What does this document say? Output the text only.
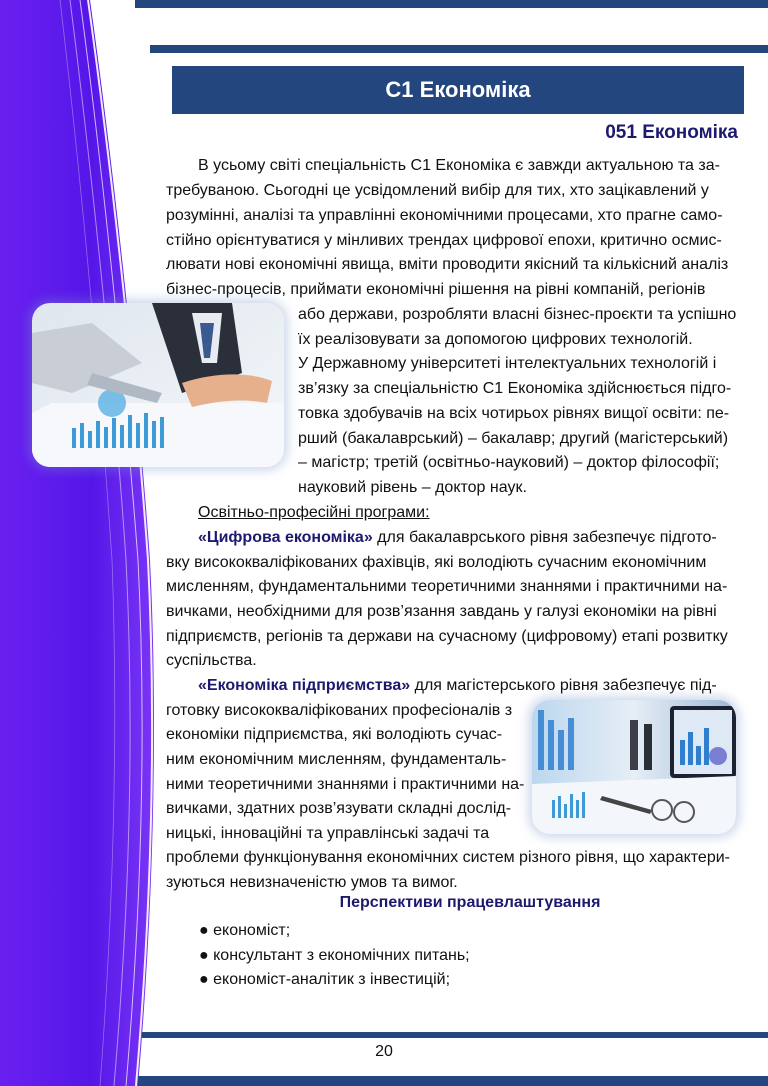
С1 Економіка
051 Економіка

В усьому світі спеціальність С1 Економіка є завжди актуальною та за-

требуваною. Сьогодні це усвідомлений вибір для тих, хто зацікавлений у

розумінні, аналізі та управлінні економічними процесами, хто прагне само-

стійно орієнтуватися у мінливих трендах цифрової епохи, критично осмис-

лювати нові економічні явища, вміти проводити якісний та кількісний аналіз

бізнес-процесів, приймати економічні рішення на рівні компаній, регіонів

або держави, розробляти власні бізнес-проєкти та успішно

їх реалізовувати за допомогою цифрових технологій.

У Державному університеті інтелектуальних технологій і

зв’язку за спеціальністю С1 Економіка здійснюється підго-

товка здобувачів на всіх чотирьох рівнях вищої освіти: пе-

рший (бакалаврський) – бакалавр; другий (магістерський)

– магістр; третій (освітньо-науковий) – доктор філософії;

науковий рівень – доктор наук.

Освітньо-професійні програми:

«Цифрова економіка» для бакалаврського рівня забезпечує підгото-

вку висококваліфікованих фахівців, які володіють сучасним економічним

мисленням, фундаментальними теоретичними знаннями і практичними на-

вичками, необхідними для розв’язання завдань у галузі економіки на рівні

підприємств, регіонів та держави на сучасному (цифровому) етапі розвитку

суспільства.

«Економіка підприємства» для магістерського рівня забезпечує під-

готовку висококваліфікованих професіоналів з

економіки підприємства, які володіють сучас-

ним економічним мисленням, фундаменталь-

ними теоретичними знаннями і практичними на-

вичками, здатних розв’язувати складні дослід-

ницькі, інноваційні та управлінські задачі та

проблеми функціонування економічних систем різного рівня, що характери-

зуються невизначеністю умов та вимог.

Перспективи працевлаштування
● економіст;
● консультант з економічних питань;
● економіст-аналітик з інвестицій;
20
